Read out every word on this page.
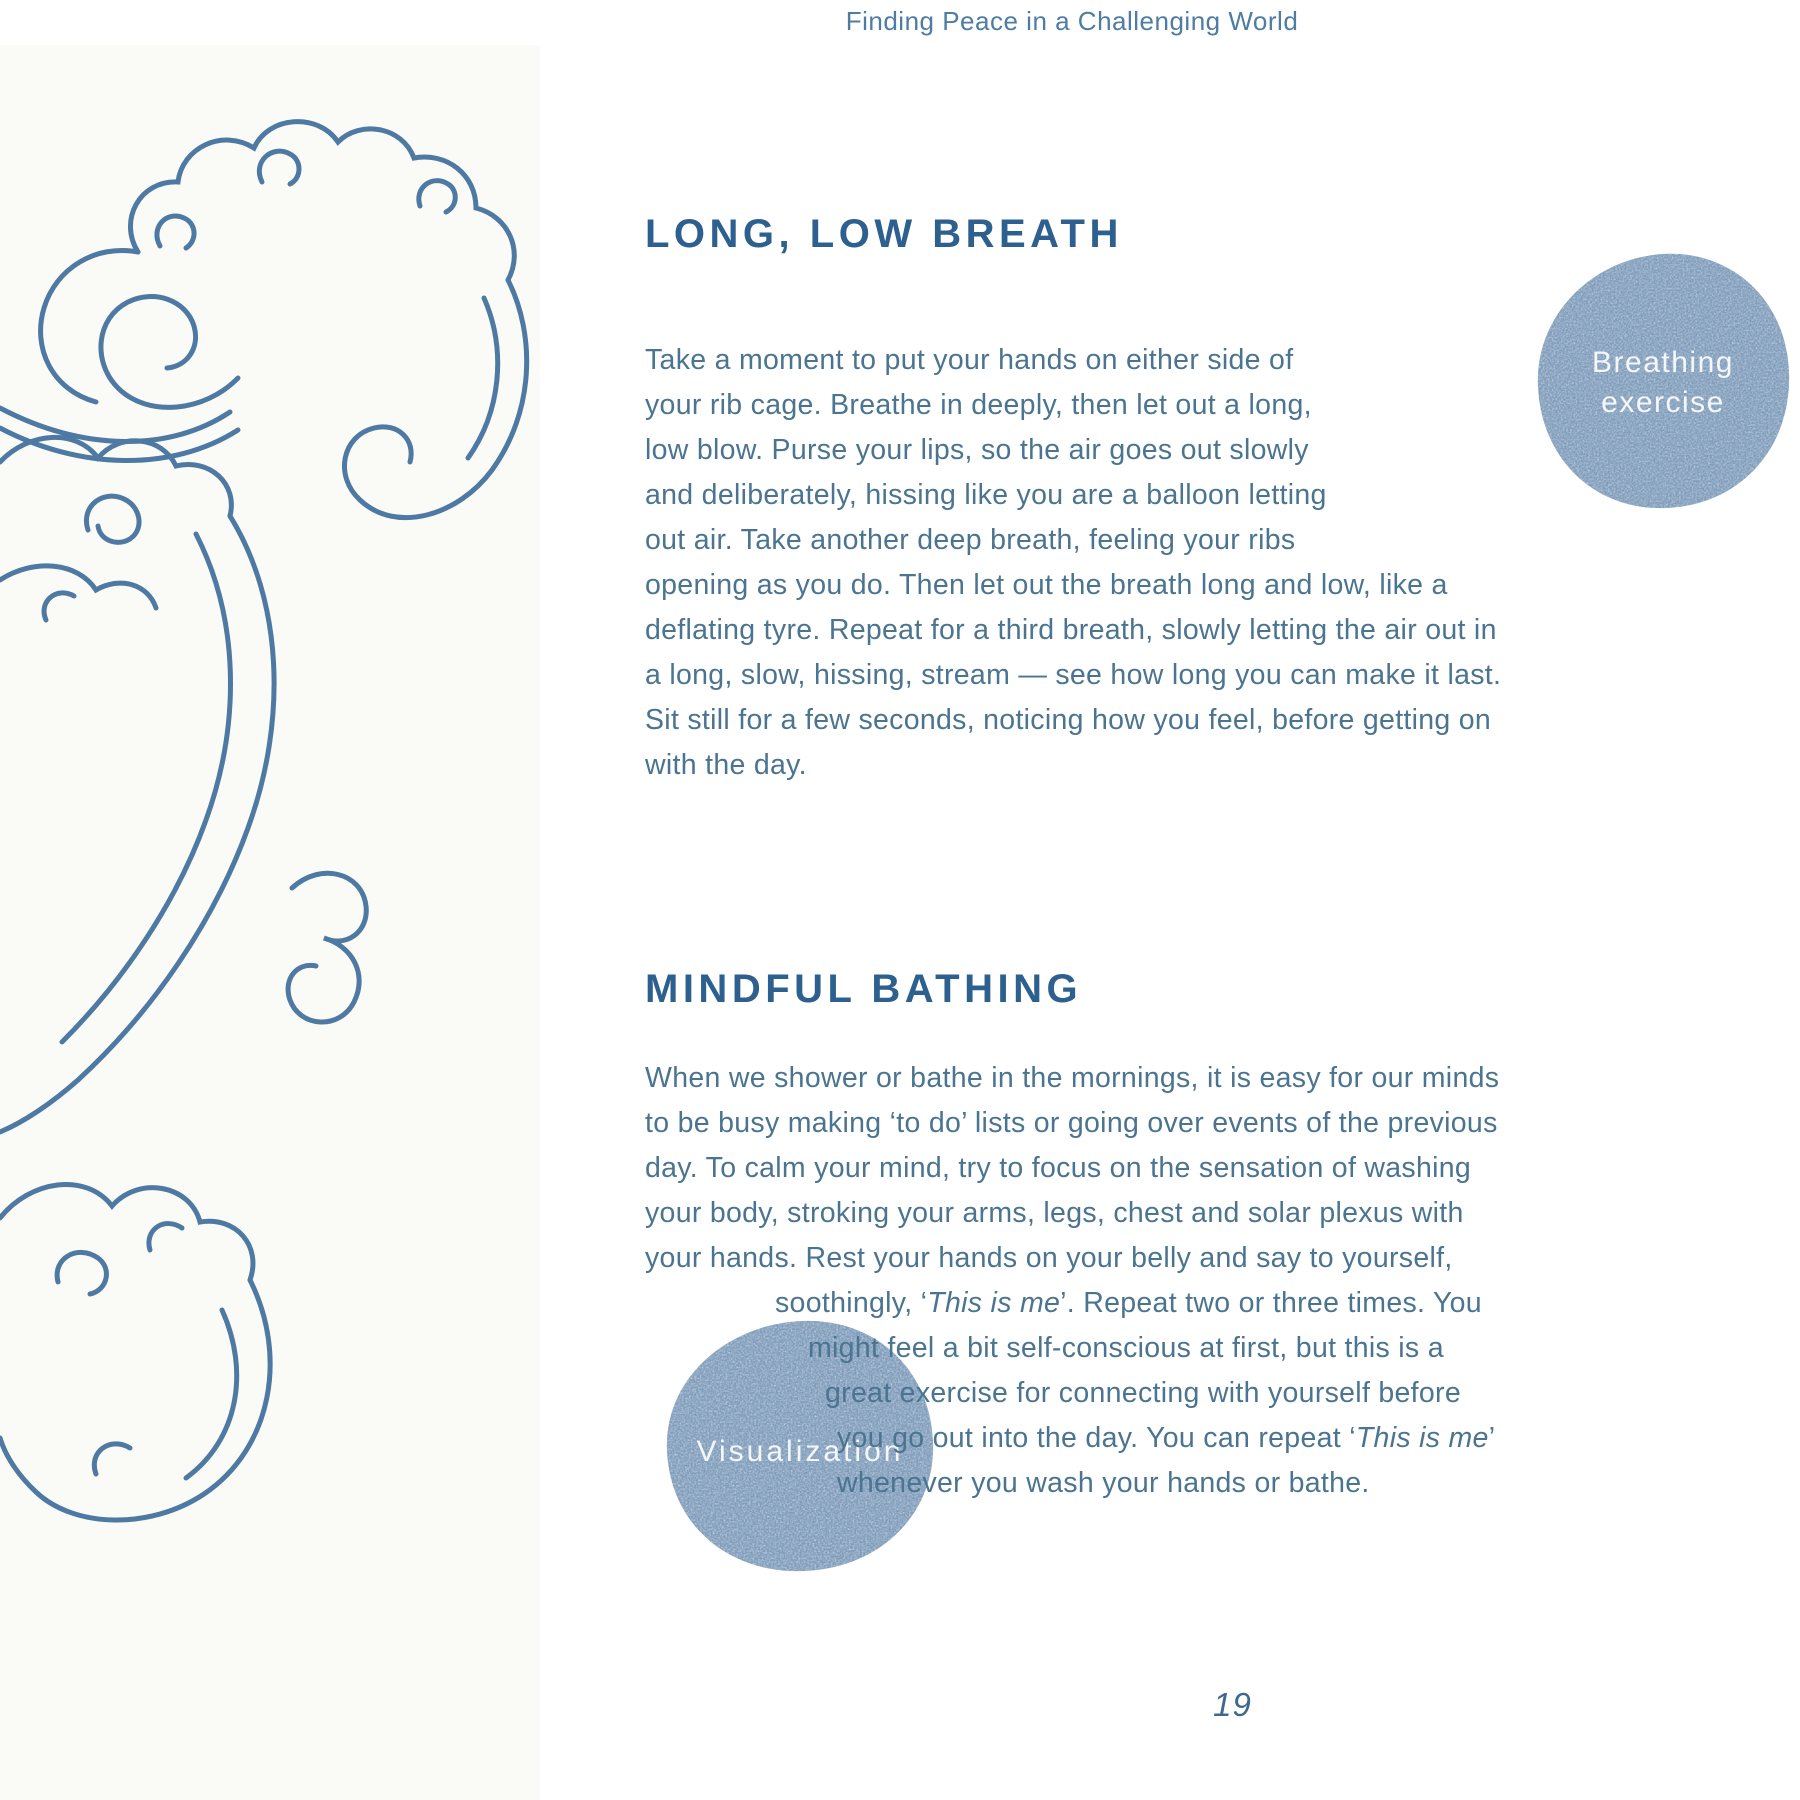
Finding Peace in a Challenging World
LONG, LOW BREATH
Breathing
exercise
Take a moment to put your hands on either side of
your rib cage. Breathe in deeply, then let out a long,
low blow. Purse your lips, so the air goes out slowly
and deliberately, hissing like you are a balloon letting
out air. Take another deep breath, feeling your ribs
opening as you do. Then let out the breath long and low, like a
deflating tyre. Repeat for a third breath, slowly letting the air out in
a long, slow, hissing, stream — see how long you can make it last.
Sit still for a few seconds, noticing how you feel, before getting on
with the day.
MINDFUL BATHING
Visualization
When we shower or bathe in the mornings, it is easy for our minds
to be busy making ‘to do’ lists or going over events of the previous
day. To calm your mind, try to focus on the sensation of washing
your body, stroking your arms, legs, chest and solar plexus with
your hands. Rest your hands on your belly and say to yourself,
soothingly, ‘This is me’. Repeat two or three times. You
might feel a bit self-conscious at first, but this is a
great exercise for connecting with yourself before
you go out into the day. You can repeat ‘This is me’
whenever you wash your hands or bathe.
19
